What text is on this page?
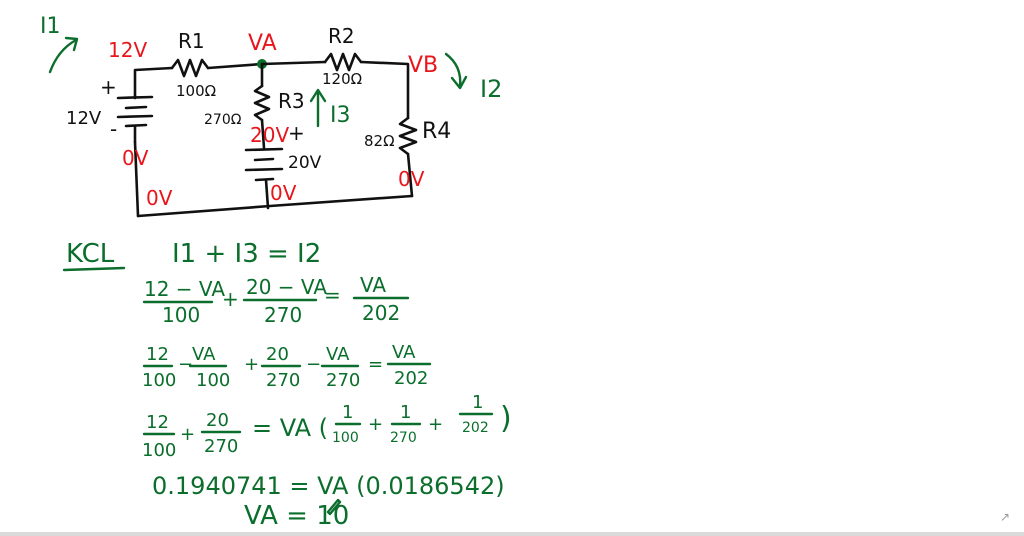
I1
12V R1
100Ω
VA	R2
120Ω
VB
I2
+
12V -
0V
0V
270Ω
R3
I3
20V
+
20V
0V
82Ω R4
0V
KCL I1 + I3 = I2
12 − VA
100
+ 20 − VA
270
= VA
202
12
100
−
VA
100
+ 20
270
− VA
270
=
VA
202
12
100
+
20
270
= VA (
1
100
+
1
270
+
1
202 )
0.1940741 = VA (0.0186542)
VA = 10	↗
